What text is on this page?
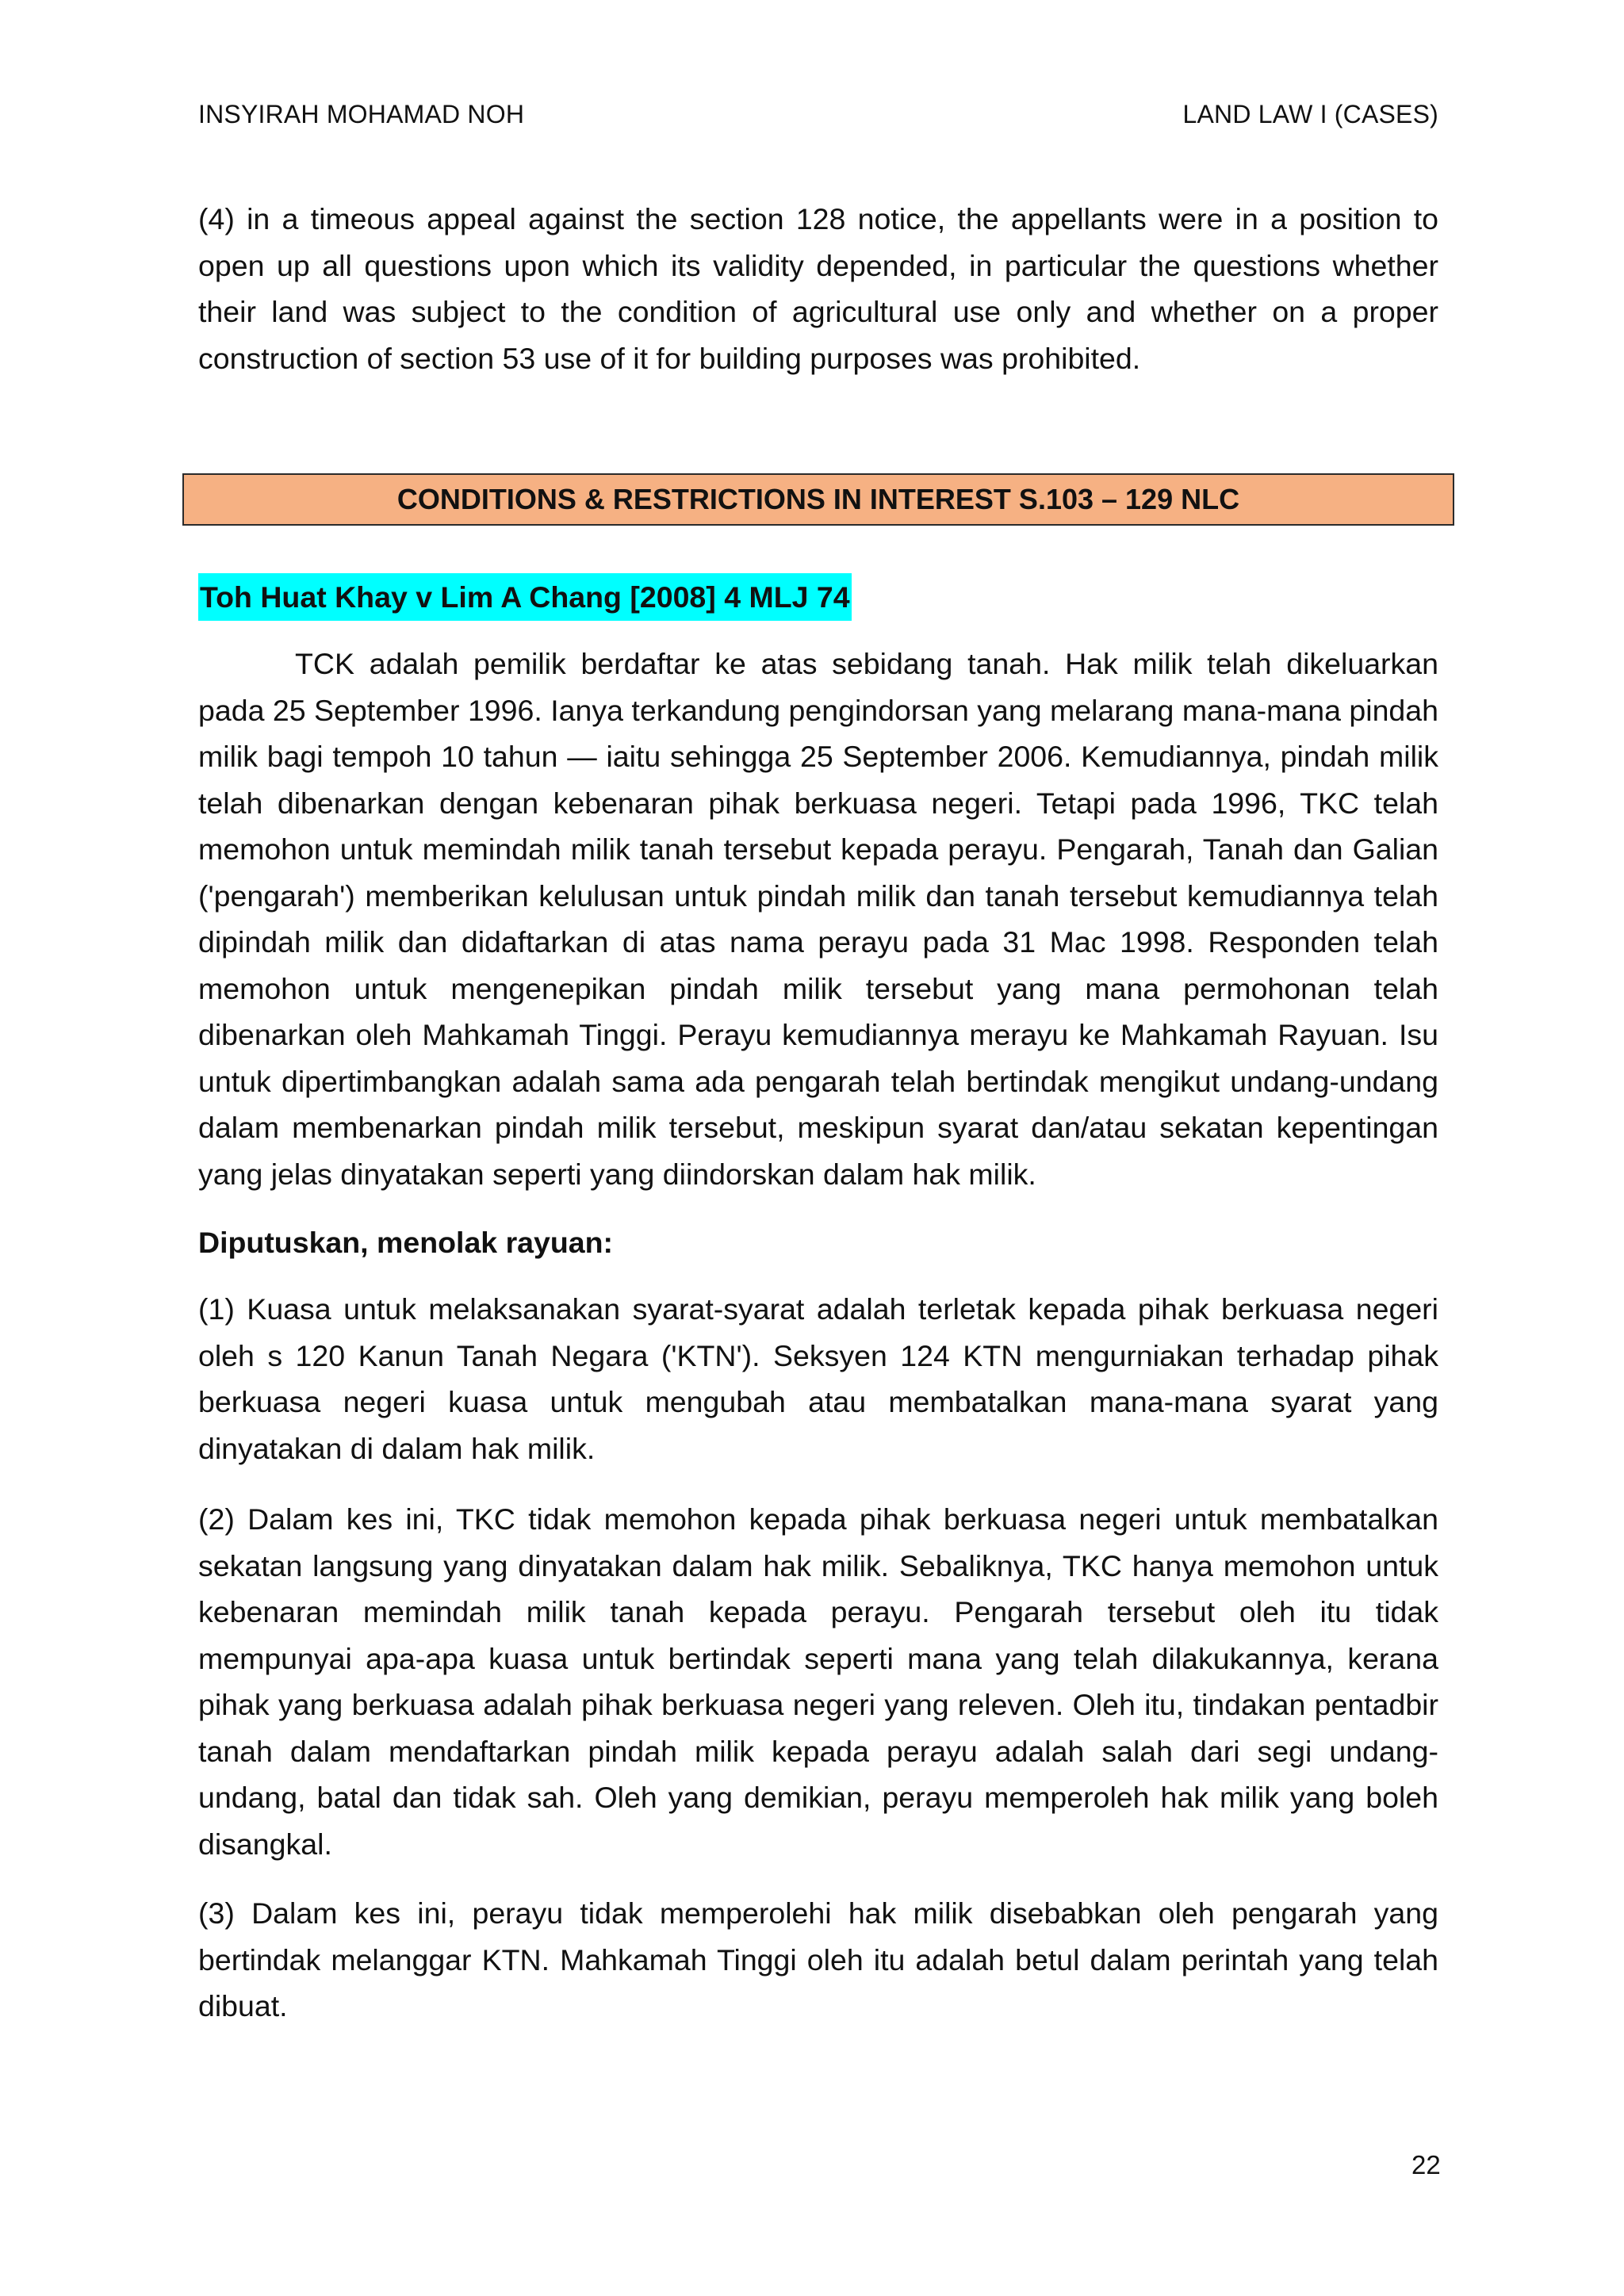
INSYIRAH MOHAMAD NOH	LAND LAW I (CASES)

(4) in a timeous appeal against the section 128 notice, the appellants were in a position to open up all questions upon which its validity depended, in particular the questions whether their land was subject to the condition of agricultural use only and whether on a proper construction of section 53 use of it for building purposes was prohibited.

CONDITIONS & RESTRICTIONS IN INTEREST S.103 – 129 NLC
Toh Huat Khay v Lim A Chang [2008] 4 MLJ 74

TCK adalah pemilik berdaftar ke atas sebidang tanah. Hak milik telah dikeluarkan pada 25 September 1996. Ianya terkandung pengindorsan yang melarang mana-mana pindah milik bagi tempoh 10 tahun — iaitu sehingga 25 September 2006. Kemudiannya, pindah milik telah dibenarkan dengan kebenaran pihak berkuasa negeri. Tetapi pada 1996, TKC telah memohon untuk memindah milik tanah tersebut kepada perayu. Pengarah, Tanah dan Galian ('pengarah') memberikan kelulusan untuk pindah milik dan tanah tersebut kemudiannya telah dipindah milik dan didaftarkan di atas nama perayu pada 31 Mac 1998. Responden telah memohon untuk mengenepikan pindah milik tersebut yang mana permohonan telah dibenarkan oleh Mahkamah Tinggi. Perayu kemudiannya merayu ke Mahkamah Rayuan. Isu untuk dipertimbangkan adalah sama ada pengarah telah bertindak mengikut undang-undang dalam membenarkan pindah milik tersebut, meskipun syarat dan/atau sekatan kepentingan yang jelas dinyatakan seperti yang diindorskan dalam hak milik.

Diputuskan, menolak rayuan:

(1) Kuasa untuk melaksanakan syarat-syarat adalah terletak kepada pihak berkuasa negeri oleh s 120 Kanun Tanah Negara ('KTN'). Seksyen 124 KTN mengurniakan terhadap pihak berkuasa negeri kuasa untuk mengubah atau membatalkan mana-mana syarat yang dinyatakan di dalam hak milik.

(2) Dalam kes ini, TKC tidak memohon kepada pihak berkuasa negeri untuk membatalkan sekatan langsung yang dinyatakan dalam hak milik. Sebaliknya, TKC hanya memohon untuk kebenaran memindah milik tanah kepada perayu. Pengarah tersebut oleh itu tidak mempunyai apa-apa kuasa untuk bertindak seperti mana yang telah dilakukannya, kerana pihak yang berkuasa adalah pihak berkuasa negeri yang releven. Oleh itu, tindakan pentadbir tanah dalam mendaftarkan pindah milik kepada perayu adalah salah dari segi undang-undang, batal dan tidak sah. Oleh yang demikian, perayu memperoleh hak milik yang boleh disangkal.

(3) Dalam kes ini, perayu tidak memperolehi hak milik disebabkan oleh pengarah yang bertindak melanggar KTN. Mahkamah Tinggi oleh itu adalah betul dalam perintah yang telah dibuat.

22
